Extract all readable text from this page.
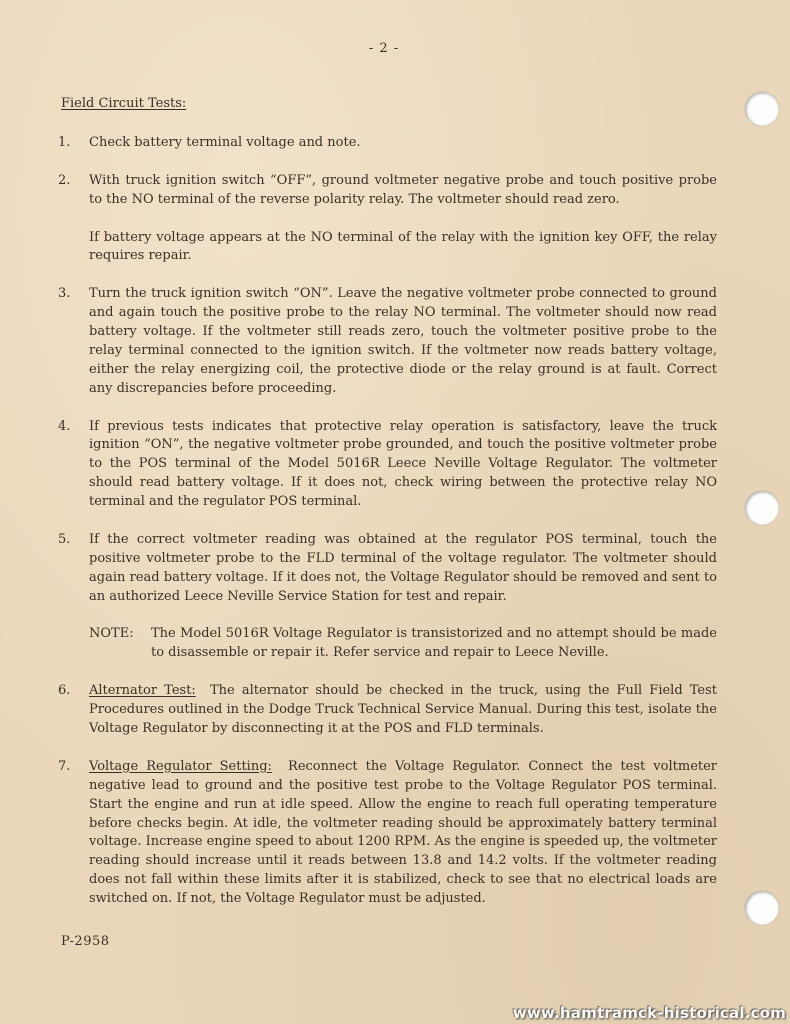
- 2 -
Field Circuit Tests:
1.	Check battery terminal voltage and note.

2.	With truck ignition switch “OFF”, ground voltmeter negative probe and touch positive probe to the NO terminal of the reverse polarity relay. The voltmeter should read zero.

If battery voltage appears at the NO terminal of the relay with the ignition key OFF, the relay requires repair.

3.	Turn the truck ignition switch “ON”. Leave the negative voltmeter probe connected to ground and again touch the positive probe to the relay NO terminal. The voltmeter should now read battery voltage. If the voltmeter still reads zero, touch the voltmeter positive probe to the relay terminal connected to the ignition switch. If the voltmeter now reads battery voltage, either the relay energizing coil, the protective diode or the relay ground is at fault. Correct any discrepancies before proceeding.

4.	If previous tests indicates that protective relay operation is satisfactory, leave the truck ignition “ON”, the negative voltmeter probe grounded, and touch the positive voltmeter probe to the POS terminal of the Model 5016R Leece Neville Voltage Regulator. The voltmeter should read battery voltage. If it does not, check wiring between the protective relay NO terminal and the regulator POS terminal.

5.	If the correct voltmeter reading was obtained at the regulator POS terminal, touch the positive voltmeter probe to the FLD terminal of the voltage regulator. The voltmeter should again read battery voltage. If it does not, the Voltage Regulator should be removed and sent to an authorized Leece Neville Service Station for test and repair.

NOTE:	The Model 5016R Voltage Regulator is transistorized and no attempt should be made to disassemble or repair it. Refer service and repair to Leece Neville.
6.	Alternator Test: The alternator should be checked in the truck, using the Full Field Test Procedures outlined in the Dodge Truck Technical Service Manual. During this test, isolate the Voltage Regulator by disconnecting it at the POS and FLD terminals.

7.	Voltage Regulator Setting: Reconnect the Voltage Regulator. Connect the test voltmeter negative lead to ground and the positive test probe to the Voltage Regulator POS terminal. Start the engine and run at idle speed. Allow the engine to reach full operating temperature before checks begin. At idle, the voltmeter reading should be approximately battery terminal voltage. Increase engine speed to about 1200 RPM. As the engine is speeded up, the voltmeter reading should increase until it reads between 13.8 and 14.2 volts. If the voltmeter reading does not fall within these limits after it is stabilized, check to see that no electrical loads are switched on. If not, the Voltage Regulator must be adjusted.

P-2958
www.hamtramck-historical.com
